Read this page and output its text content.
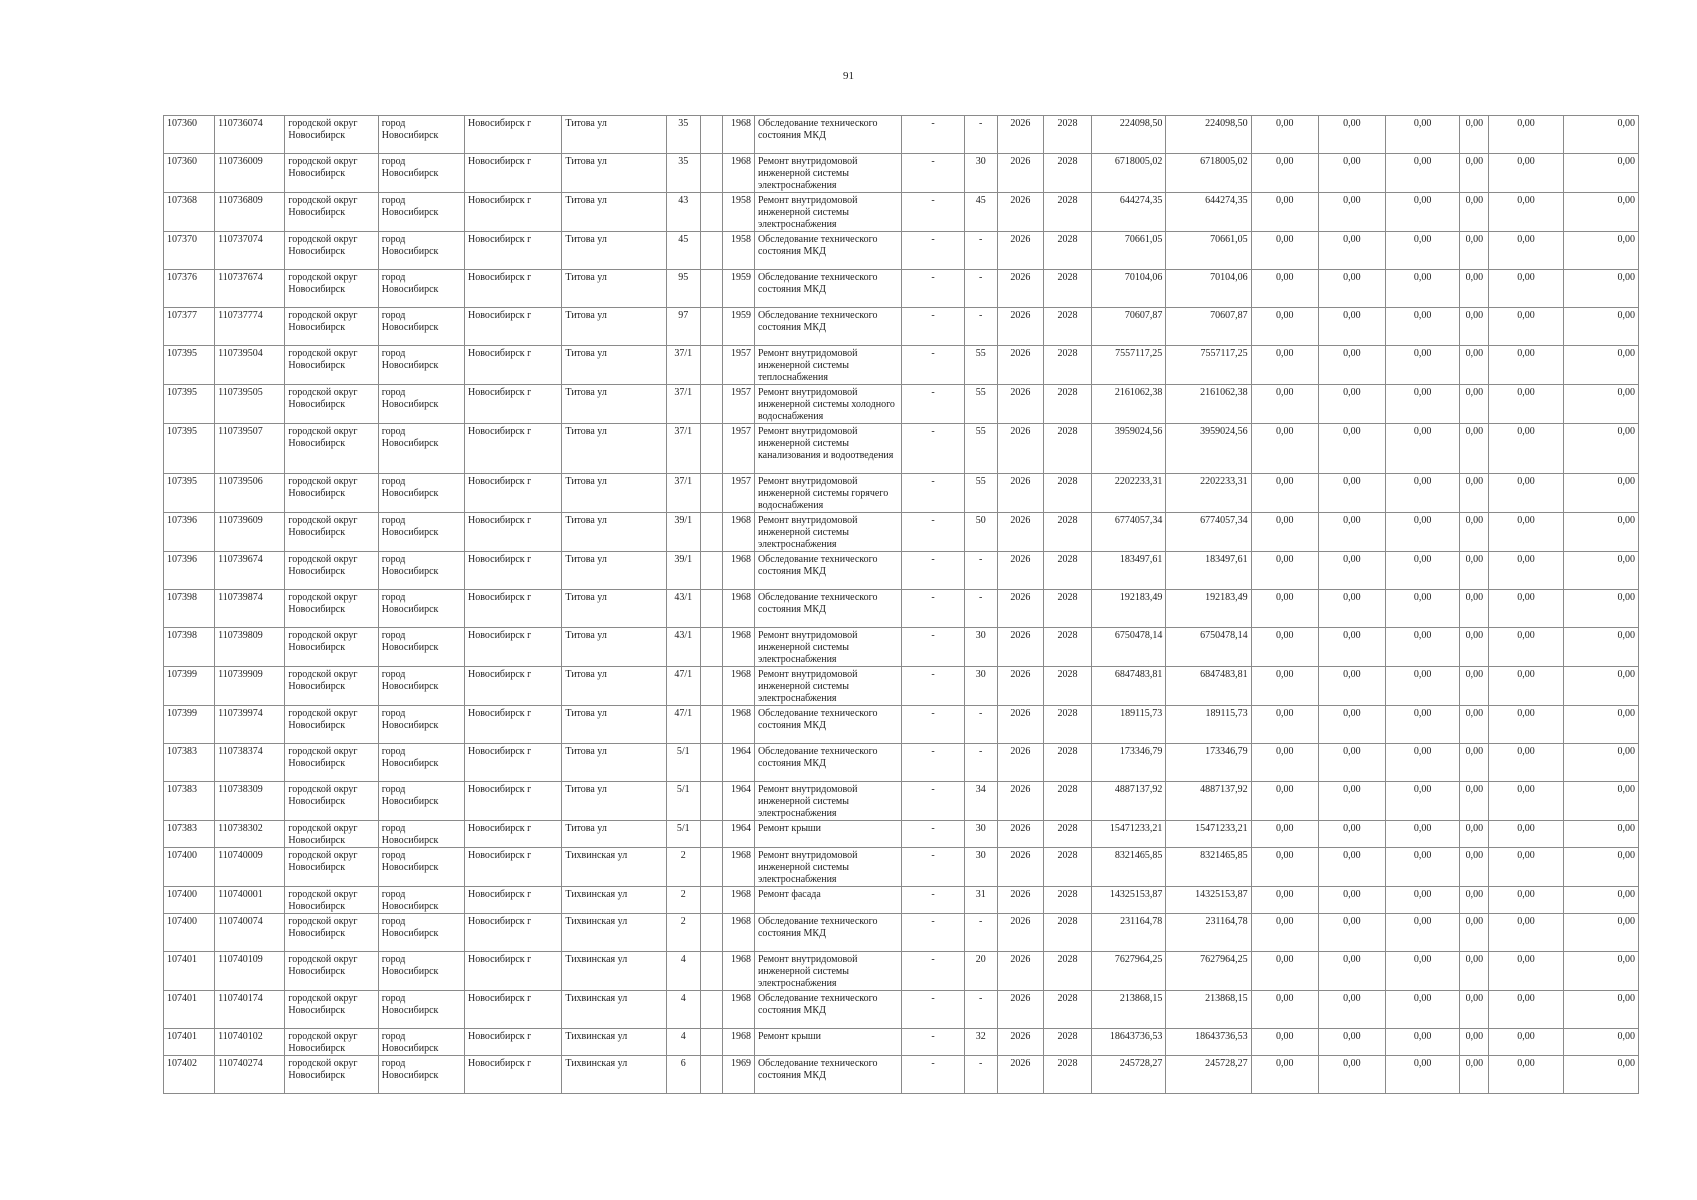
91
107360	110736074	городской округ Новосибирск	город Новосибирск	Новосибирск г	Титова ул	35		1968	Обследование технического состояния МКД	-	-	2026	2028	224098,50	224098,50	0,00	0,00	0,00	0,00	0,00	0,00
107360	110736009	городской округ Новосибирск	город Новосибирск	Новосибирск г	Титова ул	35		1968	Ремонт внутридомовой инженерной системы электроснабжения	-	30	2026	2028	6718005,02	6718005,02	0,00	0,00	0,00	0,00	0,00	0,00
107368	110736809	городской округ Новосибирск	город Новосибирск	Новосибирск г	Титова ул	43		1958	Ремонт внутридомовой инженерной системы электроснабжения	-	45	2026	2028	644274,35	644274,35	0,00	0,00	0,00	0,00	0,00	0,00
107370	110737074	городской округ Новосибирск	город Новосибирск	Новосибирск г	Титова ул	45		1958	Обследование технического состояния МКД	-	-	2026	2028	70661,05	70661,05	0,00	0,00	0,00	0,00	0,00	0,00
107376	110737674	городской округ Новосибирск	город Новосибирск	Новосибирск г	Титова ул	95		1959	Обследование технического состояния МКД	-	-	2026	2028	70104,06	70104,06	0,00	0,00	0,00	0,00	0,00	0,00
107377	110737774	городской округ Новосибирск	город Новосибирск	Новосибирск г	Титова ул	97		1959	Обследование технического состояния МКД	-	-	2026	2028	70607,87	70607,87	0,00	0,00	0,00	0,00	0,00	0,00
107395	110739504	городской округ Новосибирск	город Новосибирск	Новосибирск г	Титова ул	37/1		1957	Ремонт внутридомовой инженерной системы теплоснабжения	-	55	2026	2028	7557117,25	7557117,25	0,00	0,00	0,00	0,00	0,00	0,00
107395	110739505	городской округ Новосибирск	город Новосибирск	Новосибирск г	Титова ул	37/1		1957	Ремонт внутридомовой инженерной системы холодного водоснабжения	-	55	2026	2028	2161062,38	2161062,38	0,00	0,00	0,00	0,00	0,00	0,00
107395	110739507	городской округ Новосибирск	город Новосибирск	Новосибирск г	Титова ул	37/1		1957	Ремонт внутридомовой инженерной системы канализования и водоотведения	-	55	2026	2028	3959024,56	3959024,56	0,00	0,00	0,00	0,00	0,00	0,00
107395	110739506	городской округ Новосибирск	город Новосибирск	Новосибирск г	Титова ул	37/1		1957	Ремонт внутридомовой инженерной системы горячего водоснабжения	-	55	2026	2028	2202233,31	2202233,31	0,00	0,00	0,00	0,00	0,00	0,00
107396	110739609	городской округ Новосибирск	город Новосибирск	Новосибирск г	Титова ул	39/1		1968	Ремонт внутридомовой инженерной системы электроснабжения	-	50	2026	2028	6774057,34	6774057,34	0,00	0,00	0,00	0,00	0,00	0,00
107396	110739674	городской округ Новосибирск	город Новосибирск	Новосибирск г	Титова ул	39/1		1968	Обследование технического состояния МКД	-	-	2026	2028	183497,61	183497,61	0,00	0,00	0,00	0,00	0,00	0,00
107398	110739874	городской округ Новосибирск	город Новосибирск	Новосибирск г	Титова ул	43/1		1968	Обследование технического состояния МКД	-	-	2026	2028	192183,49	192183,49	0,00	0,00	0,00	0,00	0,00	0,00
107398	110739809	городской округ Новосибирск	город Новосибирск	Новосибирск г	Титова ул	43/1		1968	Ремонт внутридомовой инженерной системы электроснабжения	-	30	2026	2028	6750478,14	6750478,14	0,00	0,00	0,00	0,00	0,00	0,00
107399	110739909	городской округ Новосибирск	город Новосибирск	Новосибирск г	Титова ул	47/1		1968	Ремонт внутридомовой инженерной системы электроснабжения	-	30	2026	2028	6847483,81	6847483,81	0,00	0,00	0,00	0,00	0,00	0,00
107399	110739974	городской округ Новосибирск	город Новосибирск	Новосибирск г	Титова ул	47/1		1968	Обследование технического состояния МКД	-	-	2026	2028	189115,73	189115,73	0,00	0,00	0,00	0,00	0,00	0,00
107383	110738374	городской округ Новосибирск	город Новосибирск	Новосибирск г	Титова ул	5/1		1964	Обследование технического состояния МКД	-	-	2026	2028	173346,79	173346,79	0,00	0,00	0,00	0,00	0,00	0,00
107383	110738309	городской округ Новосибирск	город Новосибирск	Новосибирск г	Титова ул	5/1		1964	Ремонт внутридомовой инженерной системы электроснабжения	-	34	2026	2028	4887137,92	4887137,92	0,00	0,00	0,00	0,00	0,00	0,00
107383	110738302	городской округ Новосибирск	город Новосибирск	Новосибирск г	Титова ул	5/1		1964	Ремонт крыши	-	30	2026	2028	15471233,21	15471233,21	0,00	0,00	0,00	0,00	0,00	0,00
107400	110740009	городской округ Новосибирск	город Новосибирск	Новосибирск г	Тихвинская ул	2		1968	Ремонт внутридомовой инженерной системы электроснабжения	-	30	2026	2028	8321465,85	8321465,85	0,00	0,00	0,00	0,00	0,00	0,00
107400	110740001	городской округ Новосибирск	город Новосибирск	Новосибирск г	Тихвинская ул	2		1968	Ремонт фасада	-	31	2026	2028	14325153,87	14325153,87	0,00	0,00	0,00	0,00	0,00	0,00
107400	110740074	городской округ Новосибирск	город Новосибирск	Новосибирск г	Тихвинская ул	2		1968	Обследование технического состояния МКД	-	-	2026	2028	231164,78	231164,78	0,00	0,00	0,00	0,00	0,00	0,00
107401	110740109	городской округ Новосибирск	город Новосибирск	Новосибирск г	Тихвинская ул	4		1968	Ремонт внутридомовой инженерной системы электроснабжения	-	20	2026	2028	7627964,25	7627964,25	0,00	0,00	0,00	0,00	0,00	0,00
107401	110740174	городской округ Новосибирск	город Новосибирск	Новосибирск г	Тихвинская ул	4		1968	Обследование технического состояния МКД	-	-	2026	2028	213868,15	213868,15	0,00	0,00	0,00	0,00	0,00	0,00
107401	110740102	городской округ Новосибирск	город Новосибирск	Новосибирск г	Тихвинская ул	4		1968	Ремонт крыши	-	32	2026	2028	18643736,53	18643736,53	0,00	0,00	0,00	0,00	0,00	0,00
107402	110740274	городской округ Новосибирск	город Новосибирск	Новосибирск г	Тихвинская ул	6		1969	Обследование технического состояния МКД	-	-	2026	2028	245728,27	245728,27	0,00	0,00	0,00	0,00	0,00	0,00
